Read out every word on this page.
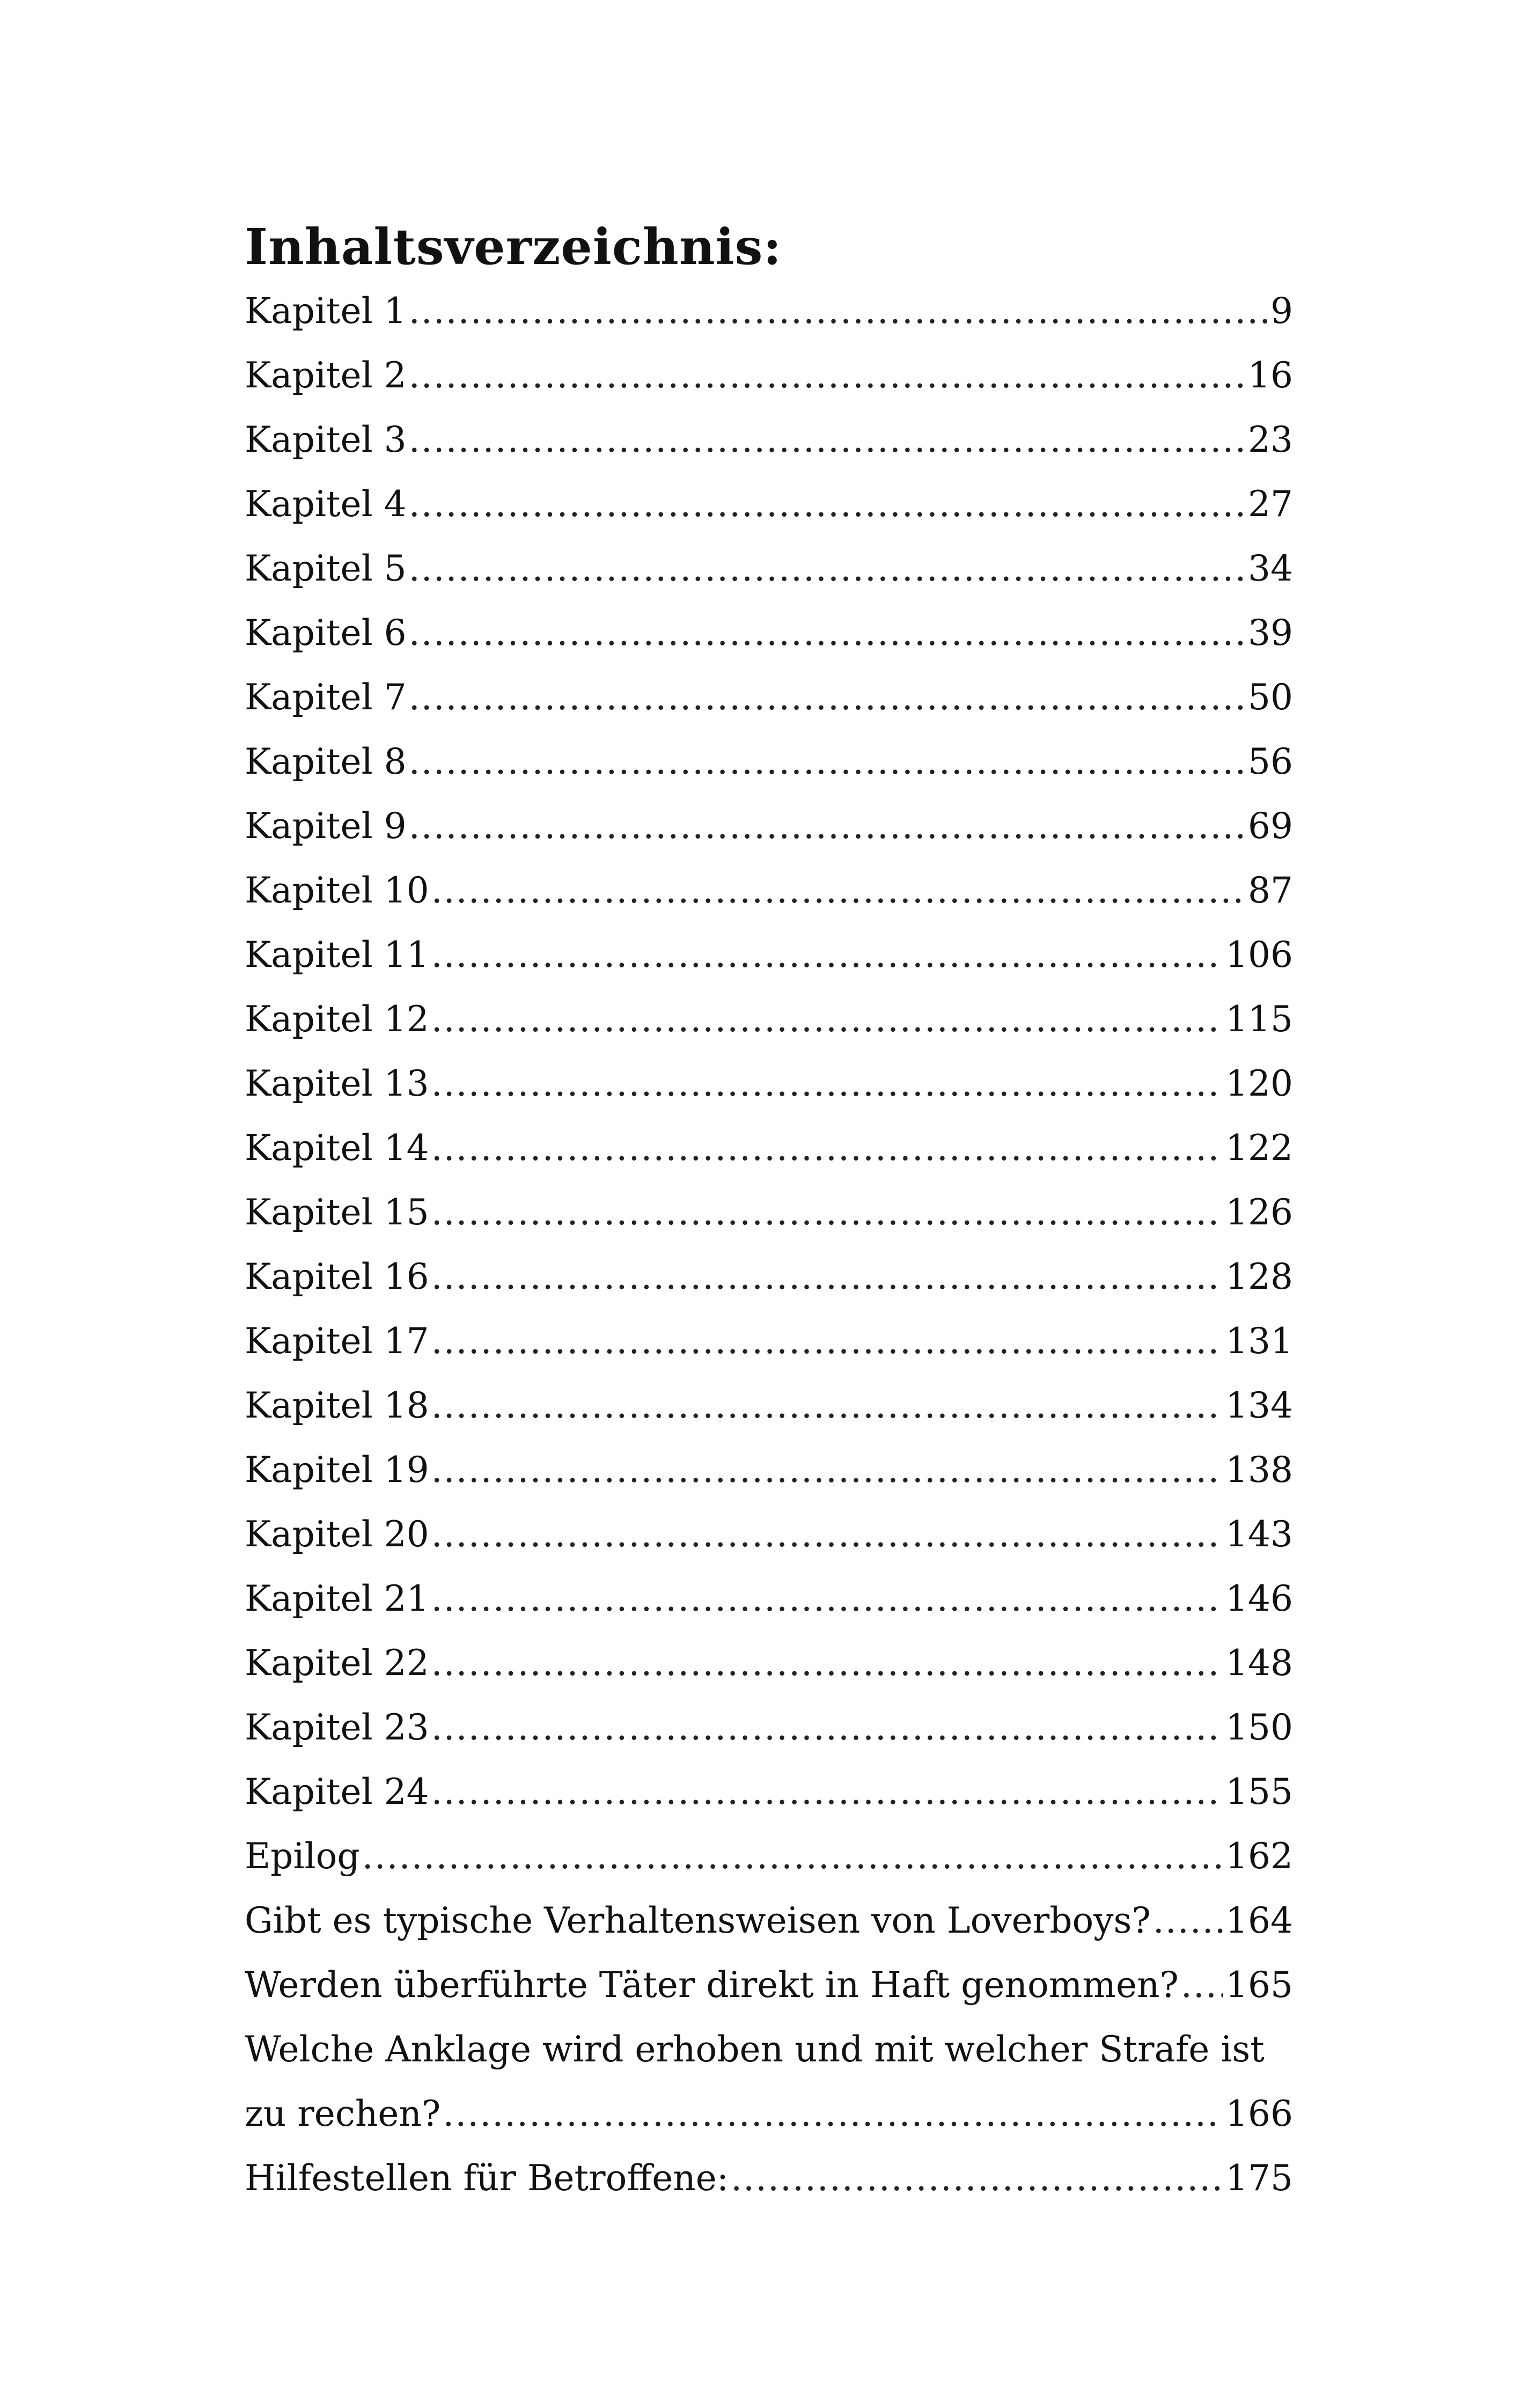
Inhaltsverzeichnis:
Kapitel 1 .....	9
Kapitel 2 .....	16
Kapitel 3 .....	23
Kapitel 4 .....	27
Kapitel 5 .....	34
Kapitel 6 .....	39
Kapitel 7 .....	50
Kapitel 8 .....	56
Kapitel 9 .....	69
Kapitel 10 .....	87
Kapitel 11 .....	106
Kapitel 12 .....	115
Kapitel 13 .....	120
Kapitel 14 .....	122
Kapitel 15 .....	126
Kapitel 16 .....	128
Kapitel 17 .....	131
Kapitel 18 .....	134
Kapitel 19 .....	138
Kapitel 20 .....	143
Kapitel 21 .....	146
Kapitel 22 .....	148
Kapitel 23 .....	150
Kapitel 24 .....	155
Epilog .....	162
Gibt es typische Verhaltensweisen von Loverboys? ..... 164
Werden überführte Täter direkt in Haft genommen? ..... 165
Welche Anklage wird erhoben und mit welcher Strafe ist
zu rechen? .....	166
Hilfestellen für Betroffene: .....	175
